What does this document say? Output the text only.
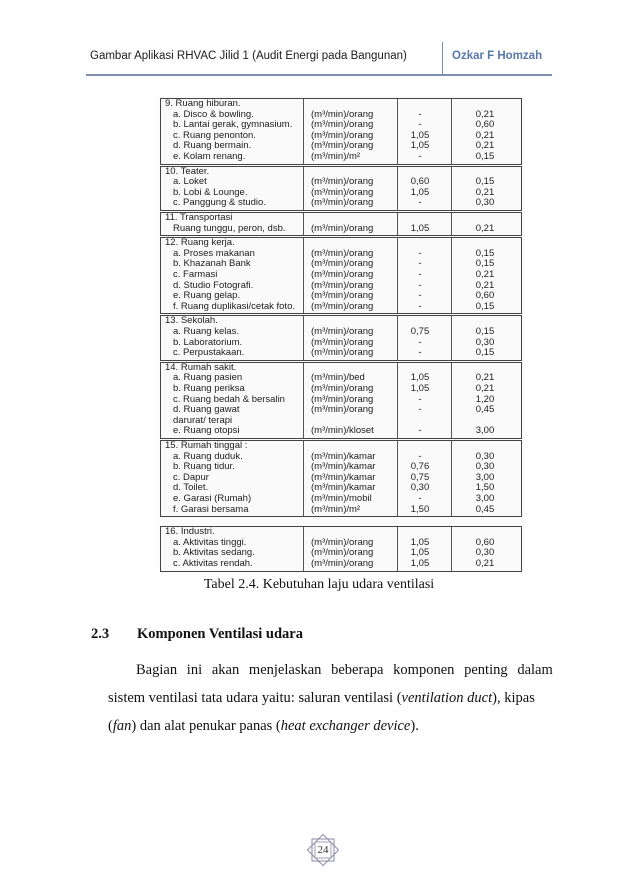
Gambar Aplikasi RHVAC Jilid 1 (Audit Energi pada Bangunan)	Ozkar F Homzah
9. Ruang hiburan.
a. Disco & bowling.	(m³/min)/orang	-	0,21
b. Lantai gerak, gymnasium. (m³/min)/orang	-	0,60
c. Ruang penonton.	(m³/min)/orang	1,05	0,21
d. Ruang bermain.	(m³/min)/orang	1,05	0,21
e. Kolam renang.	(m³/min)/m²	-	0,15
10. Teater.
a. Loket	(m³/min)/orang	0,60	0,15
b. Lobi & Lounge.	(m³/min)/orang	1,05	0,21
c. Panggung & studio.	(m³/min)/orang	-	0,30
11. Transportasi
Ruang tunggu, peron, dsb.	(m³/min)/orang	1,05	0,21
12. Ruang kerja.
a. Proses makanan	(m³/min)/orang	-	0,15
b. Khazanah Bank	(m³/min)/orang	-	0,15
c. Farmasi	(m³/min)/orang	-	0,21
d. Studio Fotografi.	(m³/min)/orang	-	0,21
e. Ruang gelap.	(m³/min)/orang	-	0,60
f. Ruang duplikasi/cetak foto. (m³/min)/orang	-	0,15
13. Sekolah.
a. Ruang kelas.	(m³/min)/orang	0,75	0,15
b. Laboratorium.	(m³/min)/orang	-	0,30
c. Perpustakaan.	(m³/min)/orang	-	0,15
14. Rumah sakit.
a. Ruang pasien	(m³/min)/bed	1,05	0,21
b. Ruang periksa	(m³/min)/orang	1,05	0,21
c. Ruang bedah & bersalin	(m³/min)/orang	-	1,20
d. Ruang gawat	(m³/min)/orang	-	0,45
darurat/ terapi
e. Ruang otopsi	(m³/min)/kloset	-	3,00
15. Rumah tinggal :
a. Ruang duduk.	(m³/min)/kamar	-	0,30
b. Ruang tidur.	(m³/min)/kamar	0,76	0,30
c. Dapur	(m³/min)/kamar	0,75	3,00
d. Toilet.	(m³/min)/kamar	0,30	1,50
e. Garasi (Rumah)	(m³/min)/mobil	-	3,00
f. Garasi bersama	(m³/min)/m²	1,50	0,45
16. Industri.
a. Aktivitas tinggi.	(m³/min)/orang	1,05	0,60
b. Aktivitas sedang.	(m³/min)/orang	1,05	0,30
c. Aktivitas rendah.	(m³/min)/orang	1,05	0,21
Tabel 2.4. Kebutuhan laju udara ventilasi
2.3 Komponen Ventilasi udara
Bagian ini akan menjelaskan beberapa komponen penting dalam
sistem ventilasi tata udara yaitu: saluran ventilasi (ventilation duct), kipas
(fan) dan alat penukar panas (heat exchanger device).
24
